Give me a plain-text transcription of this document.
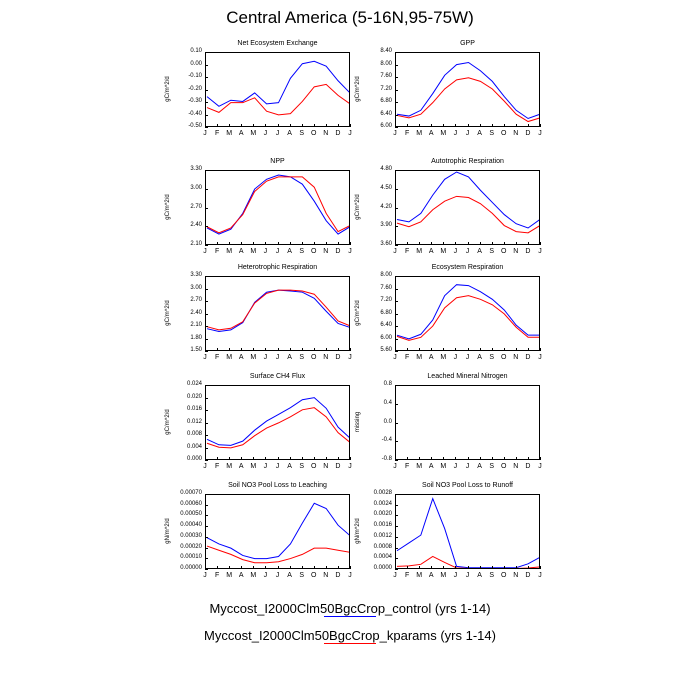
Central America (5-16N,95-75W)
Net Ecosystem Exchange
0.10
0.00
-0.10
-0.20
-0.30
-0.40
-0.50
gC/m^2/d
J	F	M A M	J	J	A	S	O N	D	J
GPP
8.40
8.00
7.60
7.20
6.80
6.40
6.00
gC/m^2/d
J	F	M A M	J	J	A	S	O N	D	J
NPP
3.30
3.00
2.70
2.40
2.10
gC/m^2/d
J	F	M A M	J	J	A	S	O N	D	J
Autotrophic Respiration
4.80
4.50
4.20
3.90
3.60
gC/m^2/d
J	F	M A M	J	J	A	S	O N	D	J
Heterotrophic Respiration
3.30
3.00
2.70
2.40
2.10
1.80
1.50
gC/m^2/d
J	F	M A M	J	J	A	S	O N	D	J
Ecosystem Respiration
8.00
7.60
7.20
6.80
6.40
6.00
5.60
gC/m^2/d
J	F	M A M	J	J	A	S	O N	D	J
Surface CH4 Flux
0.024
0.020
0.016
0.012
0.008
0.004
0.000
gC/m^2/d
J	F	M A M	J	J	A	S	O N	D	J
Leached Mineral Nitrogen
0.8
0.4
0.0
-0.4
-0.8
missing
J	F	M A M	J	J	A	S	O N	D	J
Soil NO3 Pool Loss to Leaching
0.00070
0.00060
0.00050
0.00040
0.00030
0.00020
0.00010
0.00000
gN/m^2/d
J	F	M A M	J	J	A	S	O N	D	J
Soil NO3 Pool Loss to Runoff
0.0028
0.0024
0.0020
0.0016
0.0012
0.0008
0.0004
0.0000
gN/m^2/d
J	F	M A M	J	J	A	S	O N	D	J
Myccost_I2000Clm50BgcCrop_control (yrs 1-14)
Myccost_I2000Clm50BgcCrop_kparams (yrs 1-14)
